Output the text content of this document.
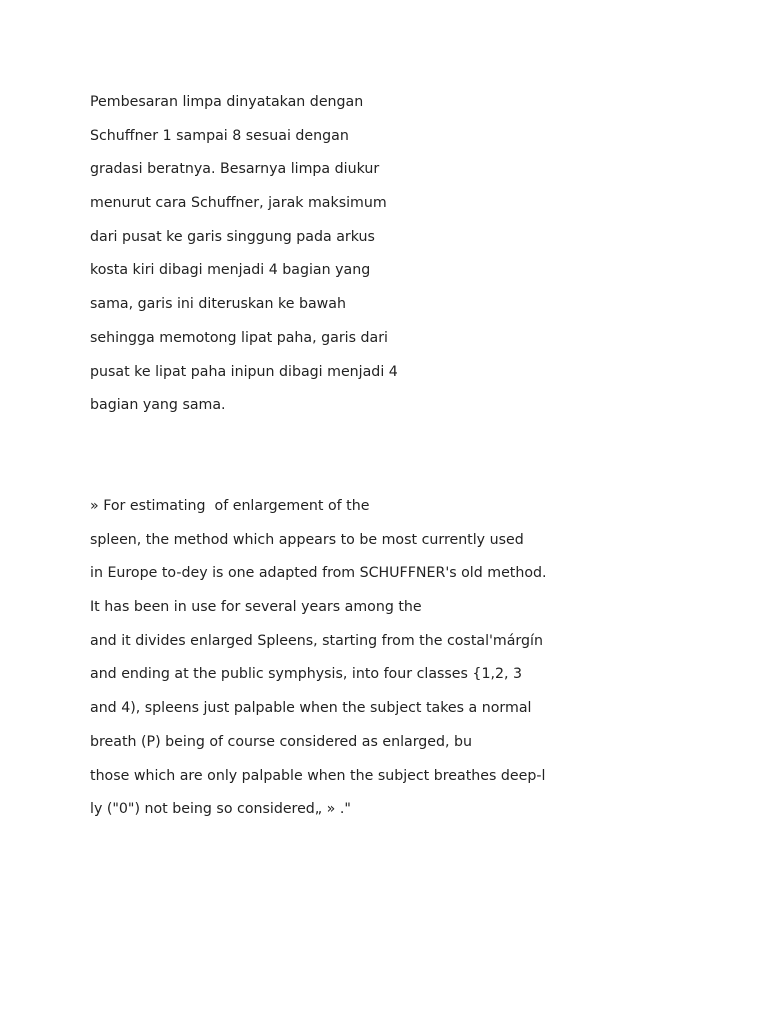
Pembesaran limpa dinyatakan dengan
Schuffner 1 sampai 8 sesuai dengan
gradasi beratnya. Besarnya limpa diukur
menurut cara Schuffner, jarak maksimum
dari pusat ke garis singgung pada arkus
kosta kiri dibagi menjadi 4 bagian yang
sama, garis ini diteruskan ke bawah
sehingga memotong lipat paha, garis dari
pusat ke lipat paha inipun dibagi menjadi 4
bagian yang sama.
» For estimating  of enlargement of the
spleen, the method which appears to be most currently used
in Europe to-dey is one adapted from SCHUFFNER's old method.
It has been in use for several years among the
and it divides enlarged Spleens, starting from the costal'márgín
and ending at the public symphysis, into four classes {1,2, 3
and 4), spleens just palpable when the subject takes a normal
breath (P) being of course considered as enlarged, bu
those which are only palpable when the subject breathes deep-l
ly ("0") not being so considered„ » ."
